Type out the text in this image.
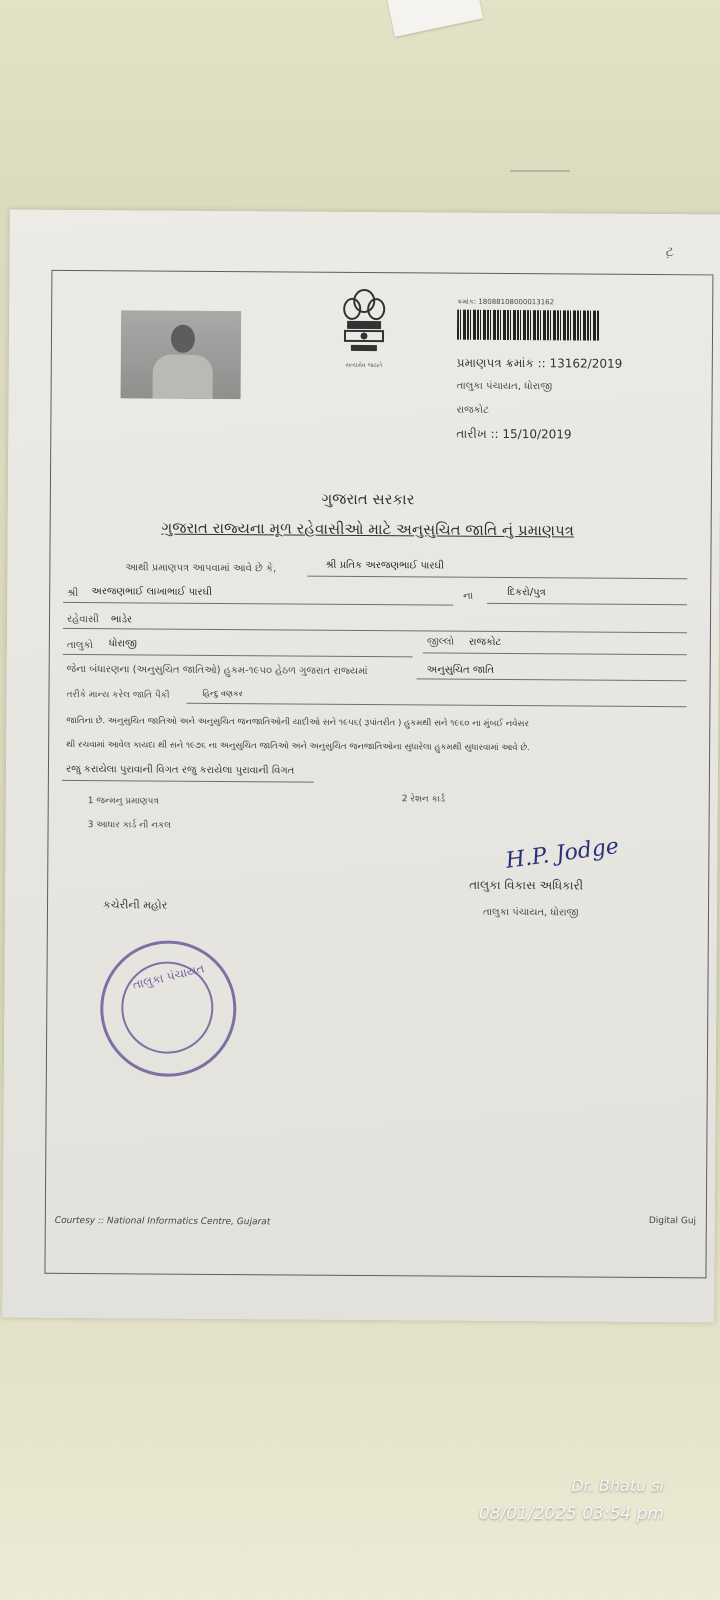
ટ઼
સત્યમેવ જયતે
ક્રમાંક: 18088108000013162
પ્રમાણપત્ર ક્રમાંક :: 13162/2019
તાલુકા પંચાયત, ધોરાજી
રાજકોટ
તારીખ :: 15/10/2019
ગુજરાત સરકાર
ગુજરાત રાજ્યના મૂળ રહેવાસીઓ માટે અનુસુચિત જાતિ નું પ્રમાણપત્ર
આથી પ્રમાણપત્ર આપવામાં આવે છે કે,	શ્રી પ્રતિક અરજણભાઈ પારઘી
શ્રી અરજણભાઈ લાખાભાઈ પારઘી	ના	દિકરો/પુત્ર
રહેવાસી ભાડેર
તાલુકો ધોરાજી	જીલ્લો રાજકોટ
જેના બંધારણના (અનુસુચિત જાતિઓ) હુકમ-૧૯૫૦ હેઠળ ગુજરાત રાજ્યમાં	અનુસુચિત જાતિ
તરીકે માન્ય કરેલ જાતિ પૈકી	હિન્દુ વણકર
જાતિના છે. અનુસુચિત જાતિઓ અને અનુસુચિત જનજાતિઓની યાદીઓ સને ૧૯૫૬( રૂપાંતરીત ) હુકમથી સને ૧૯૬૦ ના મુંબઈ નવેસર
થી રચવામાં આવેલ કાયદા થી સને ૧૯૭૬ ના અનુસુચિત જાતિઓ અને અનુસુચિત જનજાતિઓના સુધારેલા હુકમથી સુધારવામાં આવે છે.
રજુ કરાયેલા પુરાવાની વિગત રજુ કરાયેલા પુરાવાની વિગત
1 જન્મનુ પ્રમાણપત્ર	2 રેશન કાર્ડ
3 આધાર કાર્ડ ની નકલ
H.P. Jodge
તાલુકા વિકાસ અધિકારી
તાલુકા પંચાયત, ધોરાજી
કચેરીની મહોર
તાલુકા પંચાયત
Courtesy :: National Informatics Centre, Gujarat	Digital Guj
Dr. Bhatu sı
08/01/2025 03:54 pm
